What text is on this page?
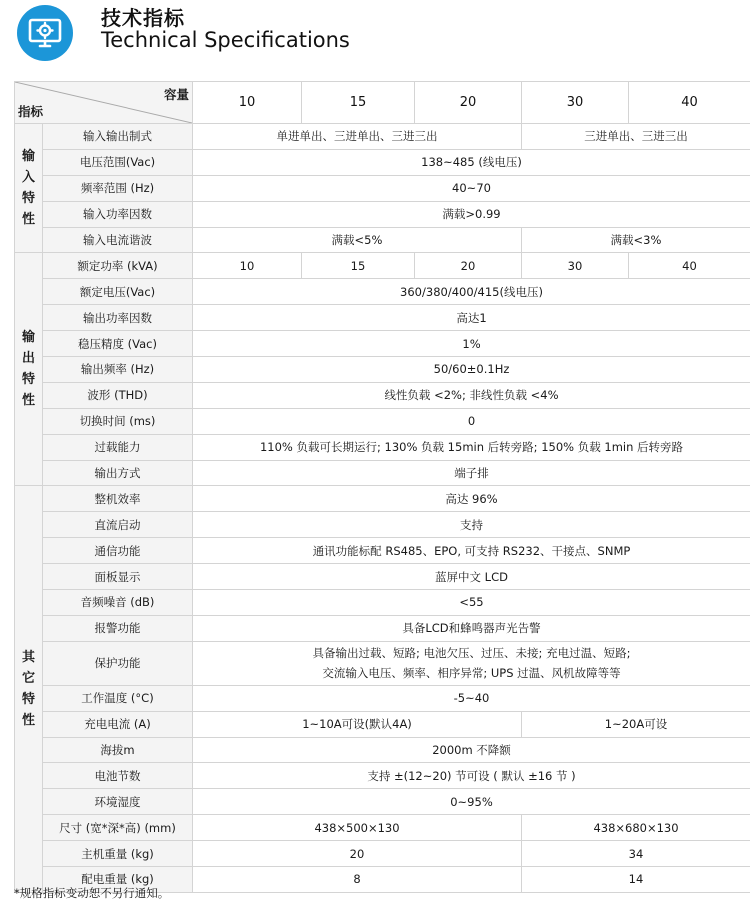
技术指标
Technical Specifications
容量
指标		10	15	20	30	40

输
入
特
性	输入输出制式	单进单出、三进单出、三进三出			三进单出、三进三出	
	电压范围(Vac)	138~485 (线电压)				
	频率范围 (Hz)	40~70				
	输入功率因数	满载>0.99				
	输入电流谐波	满载<5%			满载<3%	

输
出
特
性	额定功率 (kVA)	10	15	20	30	40
	额定电压(Vac)	360/380/400/415(线电压)				
	输出功率因数	高达1				
	稳压精度 (Vac)	1%				
	输出频率 (Hz)	50/60±0.1Hz				
	波形 (THD)	线性负载 <2%; 非线性负载 <4%				
	切换时间 (ms)	0				
	过载能力	110% 负载可长期运行; 130% 负载 15min 后转旁路; 150% 负载 1min 后转旁路				
	输出方式	端子排				

其
它
特
性	整机效率	高达 96%				
	直流启动	支持				
	通信功能	通讯功能标配 RS485、EPO, 可支持 RS232、干接点、SNMP				
	面板显示	蓝屏中文 LCD				
	音频噪音 (dB)	<55				
	报警功能	具备LCD和蜂鸣器声光告警				
	保护功能	具备输出过载、短路; 电池欠压、过压、未接; 充电过温、短路;
交流输入电压、频率、相序异常; UPS 过温、风机故障等等				

	工作温度 (°C)	-5~40				
	充电电流 (A)	1~10A可设(默认4A)			1~20A可设	
	海拔m	2000m 不降额				
	电池节数	支持 ±(12~20) 节可设 ( 默认 ±16 节 )				
	环境湿度	0~95%				
	尺寸 (宽*深*高) (mm)	438×500×130			438×680×130	
	主机重量 (kg)	20			34	
	配电重量 (kg)	8			14	
*规格指标变动恕不另行通知。
